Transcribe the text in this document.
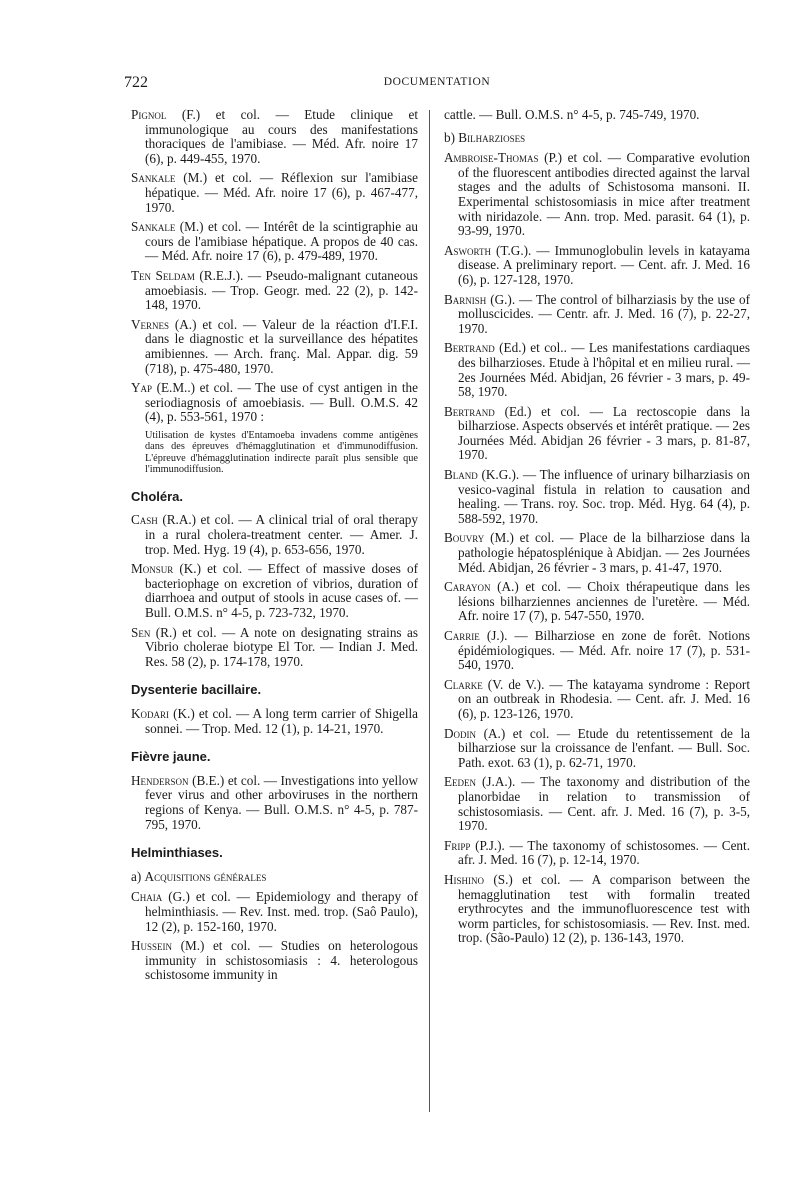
722	DOCUMENTATION

Pignol (F.) et col. — Etude clinique et immunologique au cours des manifestations thoraciques de l'amibiase. — Méd. Afr. noire 17 (6), p. 449-455, 1970.

Sankale (M.) et col. — Réflexion sur l'amibiase hépatique. — Méd. Afr. noire 17 (6), p. 467-477, 1970.

Sankale (M.) et col. — Intérêt de la scintigraphie au cours de l'amibiase hépatique. A propos de 40 cas. — Méd. Afr. noire 17 (6), p. 479-489, 1970.

Ten Seldam (R.E.J.). — Pseudo-malignant cutaneous amoebiasis. — Trop. Geogr. med. 22 (2), p. 142-148, 1970.

Vernes (A.) et col. — Valeur de la réaction d'I.F.I. dans le diagnostic et la surveillance des hépatites amibiennes. — Arch. franç. Mal. Appar. dig. 59 (718), p. 475-480, 1970.

Yap (E.M..) et col. — The use of cyst antigen in the seriodiagnosis of amoebiasis. — Bull. O.M.S. 42 (4), p. 553-561, 1970 :

Utilisation de kystes d'Entamoeba invadens comme antigènes dans des épreuves d'hémagglutination et d'immunodiffusion. L'épreuve d'hémagglutination indirecte paraît plus sensible que l'immunodiffusion.

Choléra.

Cash (R.A.) et col. — A clinical trial of oral therapy in a rural cholera-treatment center. — Amer. J. trop. Med. Hyg. 19 (4), p. 653-656, 1970.

Monsur (K.) et col. — Effect of massive doses of bacteriophage on excretion of vibrios, duration of diarrhoea and output of stools in acuse cases of. — Bull. O.M.S. n° 4-5, p. 723-732, 1970.

Sen (R.) et col. — A note on designating strains as Vibrio cholerae biotype El Tor. — Indian J. Med. Res. 58 (2), p. 174-178, 1970.

Dysenterie bacillaire.

Kodari (K.) et col. — A long term carrier of Shigella sonnei. — Trop. Med. 12 (1), p. 14-21, 1970.

Fièvre jaune.

Henderson (B.E.) et col. — Investigations into yellow fever virus and other arboviruses in the northern regions of Kenya. — Bull. O.M.S. n° 4-5, p. 787-795, 1970.

Helminthiases.
a) Acquisitions générales

Chaia (G.) et col. — Epidemiology and therapy of helminthiasis. — Rev. Inst. med. trop. (Saô Paulo), 12 (2), p. 152-160, 1970.

Hussein (M.) et col. — Studies on heterologous immunity in schistosomiasis : 4. heterologous schistosome immunity in

cattle. — Bull. O.M.S. n° 4-5, p. 745-749, 1970.

b) Bilharzioses

Ambroise-Thomas (P.) et col. — Comparative evolution of the fluorescent antibodies directed against the larval stages and the adults of Schistosoma mansoni. II. Experimental schistosomiasis in mice after treatment with niridazole. — Ann. trop. Med. parasit. 64 (1), p. 93-99, 1970.

Asworth (T.G.). — Immunoglobulin levels in katayama disease. A preliminary report. — Cent. afr. J. Med. 16 (6), p. 127-128, 1970.

Barnish (G.). — The control of bilharziasis by the use of molluscicides. — Centr. afr. J. Med. 16 (7), p. 22-27, 1970.

Bertrand (Ed.) et col.. — Les manifestations cardiaques des bilharzioses. Etude à l'hôpital et en milieu rural. — 2es Journées Méd. Abidjan, 26 février - 3 mars, p. 49-58, 1970.

Bertrand (Ed.) et col. — La rectoscopie dans la bilharziose. Aspects observés et intérêt pratique. — 2es Journées Méd. Abidjan 26 février - 3 mars, p. 81-87, 1970.

Bland (K.G.). — The influence of urinary bilharziasis on vesico-vaginal fistula in relation to causation and healing. — Trans. roy. Soc. trop. Méd. Hyg. 64 (4), p. 588-592, 1970.

Bouvry (M.) et col. — Place de la bilharziose dans la pathologie hépatosplénique à Abidjan. — 2es Journées Méd. Abidjan, 26 février - 3 mars, p. 41-47, 1970.

Carayon (A.) et col. — Choix thérapeutique dans les lésions bilharziennes anciennes de l'uretère. — Méd. Afr. noire 17 (7), p. 547-550, 1970.

Carrie (J.). — Bilharziose en zone de forêt. Notions épidémiologiques. — Méd. Afr. noire 17 (7), p. 531-540, 1970.

Clarke (V. de V.). — The katayama syndrome : Report on an outbreak in Rhodesia. — Cent. afr. J. Med. 16 (6), p. 123-126, 1970.

Dodin (A.) et col. — Etude du retentissement de la bilharziose sur la croissance de l'enfant. — Bull. Soc. Path. exot. 63 (1), p. 62-71, 1970.

Eeden (J.A.). — The taxonomy and distribution of the planorbidae in relation to transmission of schistosomiasis. — Cent. afr. J. Med. 16 (7), p. 3-5, 1970.

Fripp (P.J.). — The taxonomy of schistosomes. — Cent. afr. J. Med. 16 (7), p. 12-14, 1970.

Hishino (S.) et col. — A comparison between the hemagglutination test with formalin treated erythrocytes and the immunofluorescence test with worm particles, for schistosomiasis. — Rev. Inst. med. trop. (São-Paulo) 12 (2), p. 136-143, 1970.
